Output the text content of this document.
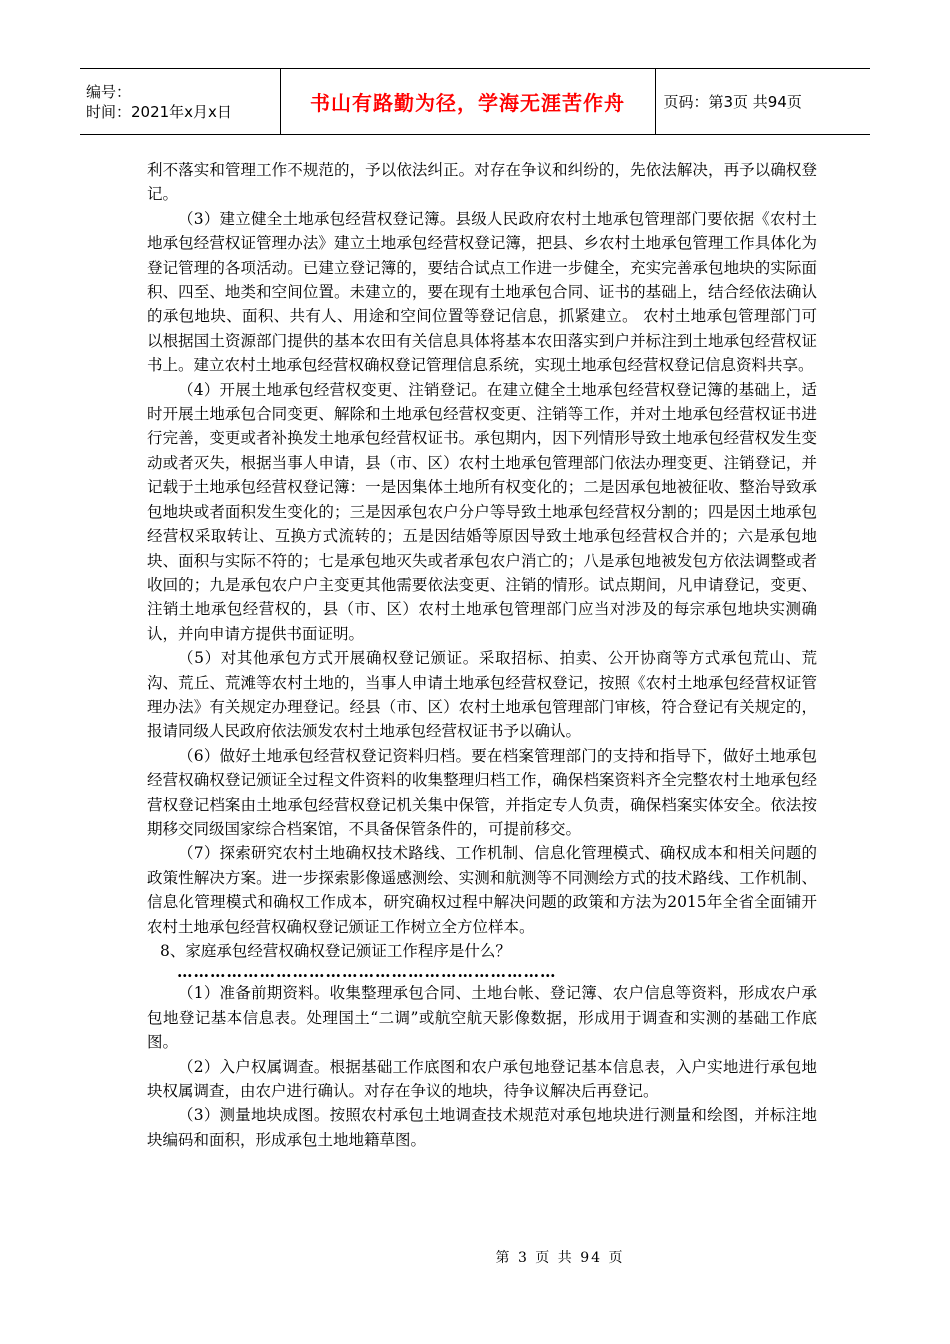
编号：
时间：2021年x月x日	书山有路勤为径，学海无涯苦作舟	页码：第3页 共94页

利不落实和管理工作不规范的，予以依法纠正。对存在争议和纠纷的，先依法解决，再予以确权登记。

（3）建立健全土地承包经营权登记簿。县级人民政府农村土地承包管理部门要依据《农村土地承包经营权证管理办法》建立土地承包经营权登记簿，把县、乡农村土地承包管理工作具体化为登记管理的各项活动。已建立登记簿的，要结合试点工作进一步健全，充实完善承包地块的实际面积、四至、地类和空间位置。未建立的，要在现有土地承包合同、证书的基础上，结合经依法确认的承包地块、面积、共有人、用途和空间位置等登记信息，抓紧建立。 农村土地承包管理部门可以根据国土资源部门提供的基本农田有关信息具体将基本农田落实到户并标注到土地承包经营权证书上。建立农村土地承包经营权确权登记管理信息系统，实现土地承包经营权登记信息资料共享。

（4）开展土地承包经营权变更、注销登记。在建立健全土地承包经营权登记簿的基础上，适时开展土地承包合同变更、解除和土地承包经营权变更、注销等工作，并对土地承包经营权证书进行完善，变更或者补换发土地承包经营权证书。承包期内，因下列情形导致土地承包经营权发生变动或者灭失，根据当事人申请，县（市、区）农村土地承包管理部门依法办理变更、注销登记，并记载于土地承包经营权登记簿：一是因集体土地所有权变化的；二是因承包地被征收、整治导致承包地块或者面积发生变化的；三是因承包农户分户等导致土地承包经营权分割的；四是因土地承包经营权采取转让、互换方式流转的；五是因结婚等原因导致土地承包经营权合并的；六是承包地块、面积与实际不符的；七是承包地灭失或者承包农户消亡的；八是承包地被发包方依法调整或者收回的；九是承包农户户主变更其他需要依法变更、注销的情形。试点期间，凡申请登记，变更、注销土地承包经营权的，县（市、区）农村土地承包管理部门应当对涉及的每宗承包地块实测确认，并向申请方提供书面证明。

（5）对其他承包方式开展确权登记颁证。采取招标、拍卖、公开协商等方式承包荒山、荒沟、荒丘、荒滩等农村土地的，当事人申请土地承包经营权登记，按照《农村土地承包经营权证管理办法》有关规定办理登记。经县（市、区）农村土地承包管理部门审核，符合登记有关规定的，报请同级人民政府依法颁发农村土地承包经营权证书予以确认。

（6）做好土地承包经营权登记资料归档。要在档案管理部门的支持和指导下，做好土地承包经营权确权登记颁证全过程文件资料的收集整理归档工作，确保档案资料齐全完整农村土地承包经营权登记档案由土地承包经营权登记机关集中保管，并指定专人负责，确保档案实体安全。依法按期移交同级国家综合档案馆，不具备保管条件的，可提前移交。

（7）探索研究农村土地确权技术路线、工作机制、信息化管理模式、确权成本和相关问题的政策性解决方案。进一步探索影像遥感测绘、实测和航测等不同测绘方式的技术路线、工作机制、信息化管理模式和确权工作成本，研究确权过程中解决问题的政策和方法为2015年全省全面铺开农村土地承包经营权确权登记颁证工作树立全方位样本。

8、家庭承包经营权确权登记颁证工作程序是什么？

……………………………………………………………

（1）准备前期资料。收集整理承包合同、土地台帐、登记簿、农户信息等资料，形成农户承包地登记基本信息表。处理国土“二调”或航空航天影像数据，形成用于调查和实测的基础工作底图。

（2）入户权属调查。根据基础工作底图和农户承包地登记基本信息表，入户实地进行承包地块权属调查，由农户进行确认。对存在争议的地块，待争议解决后再登记。

（3）测量地块成图。按照农村承包土地调查技术规范对承包地块进行测量和绘图，并标注地块编码和面积，形成承包土地地籍草图。

第 3 页 共 94 页
